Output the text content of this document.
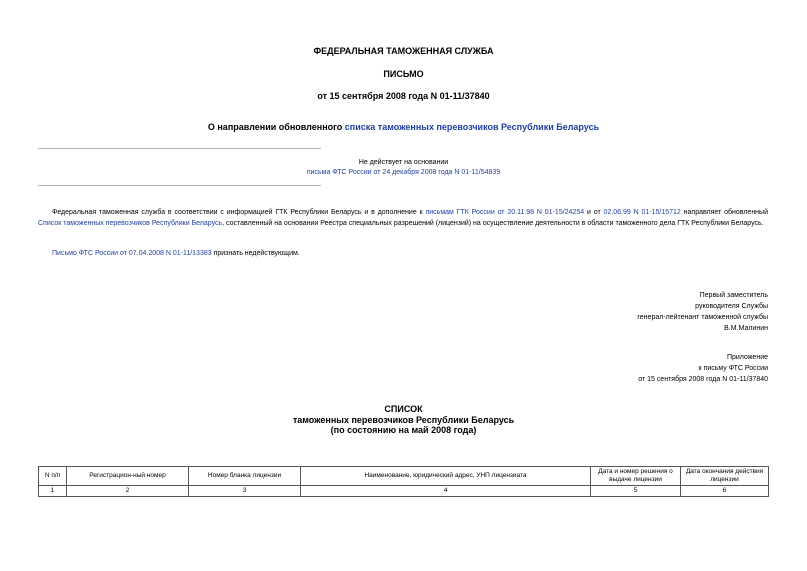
ФЕДЕРАЛЬНАЯ ТАМОЖЕННАЯ СЛУЖБА
ПИСЬМО
от 15 сентября 2008 года N 01-11/37840
О направлении обновленного списка таможенных перевозчиков Республики Беларусь
Не действует на основании
письма ФТС России от 24 декабря 2008 года N 01-11/54839
Федеральная таможенная служба в соответствии с информацией ГТК Республики Беларусь и в дополнение к письмам ГТК России от 20.11.98 N 01-15/24254 и от 02.06.99 N 01-15/15712 направляет обновленный Список таможенных перевозчиков Республики Беларусь, составленный на основании Реестра специальных разрешений (лицензий) на осуществление деятельности в области таможенного дела ГТК Республики Беларусь.
Письмо ФТС России от 07.04.2008 N 01-11/13383 признать недействующим.
Первый заместитель
руководителя Службы
генерал-лейтенант таможенной службы
В.М.Малинин
Приложение
к письму ФТС России
от 15 сентября 2008 года N 01-11/37840
СПИСОК
таможенных перевозчиков Республики Беларусь
(по состоянию на май 2008 года)
N п/п	Регистрацион-ный номер	Номер бланка лицензии	Наименование, юридический адрес, УНП лицензиата	Дата и номер решения о выдаче лицензии	Дата окончания действия лицензии
1	2	3	4	5	6
